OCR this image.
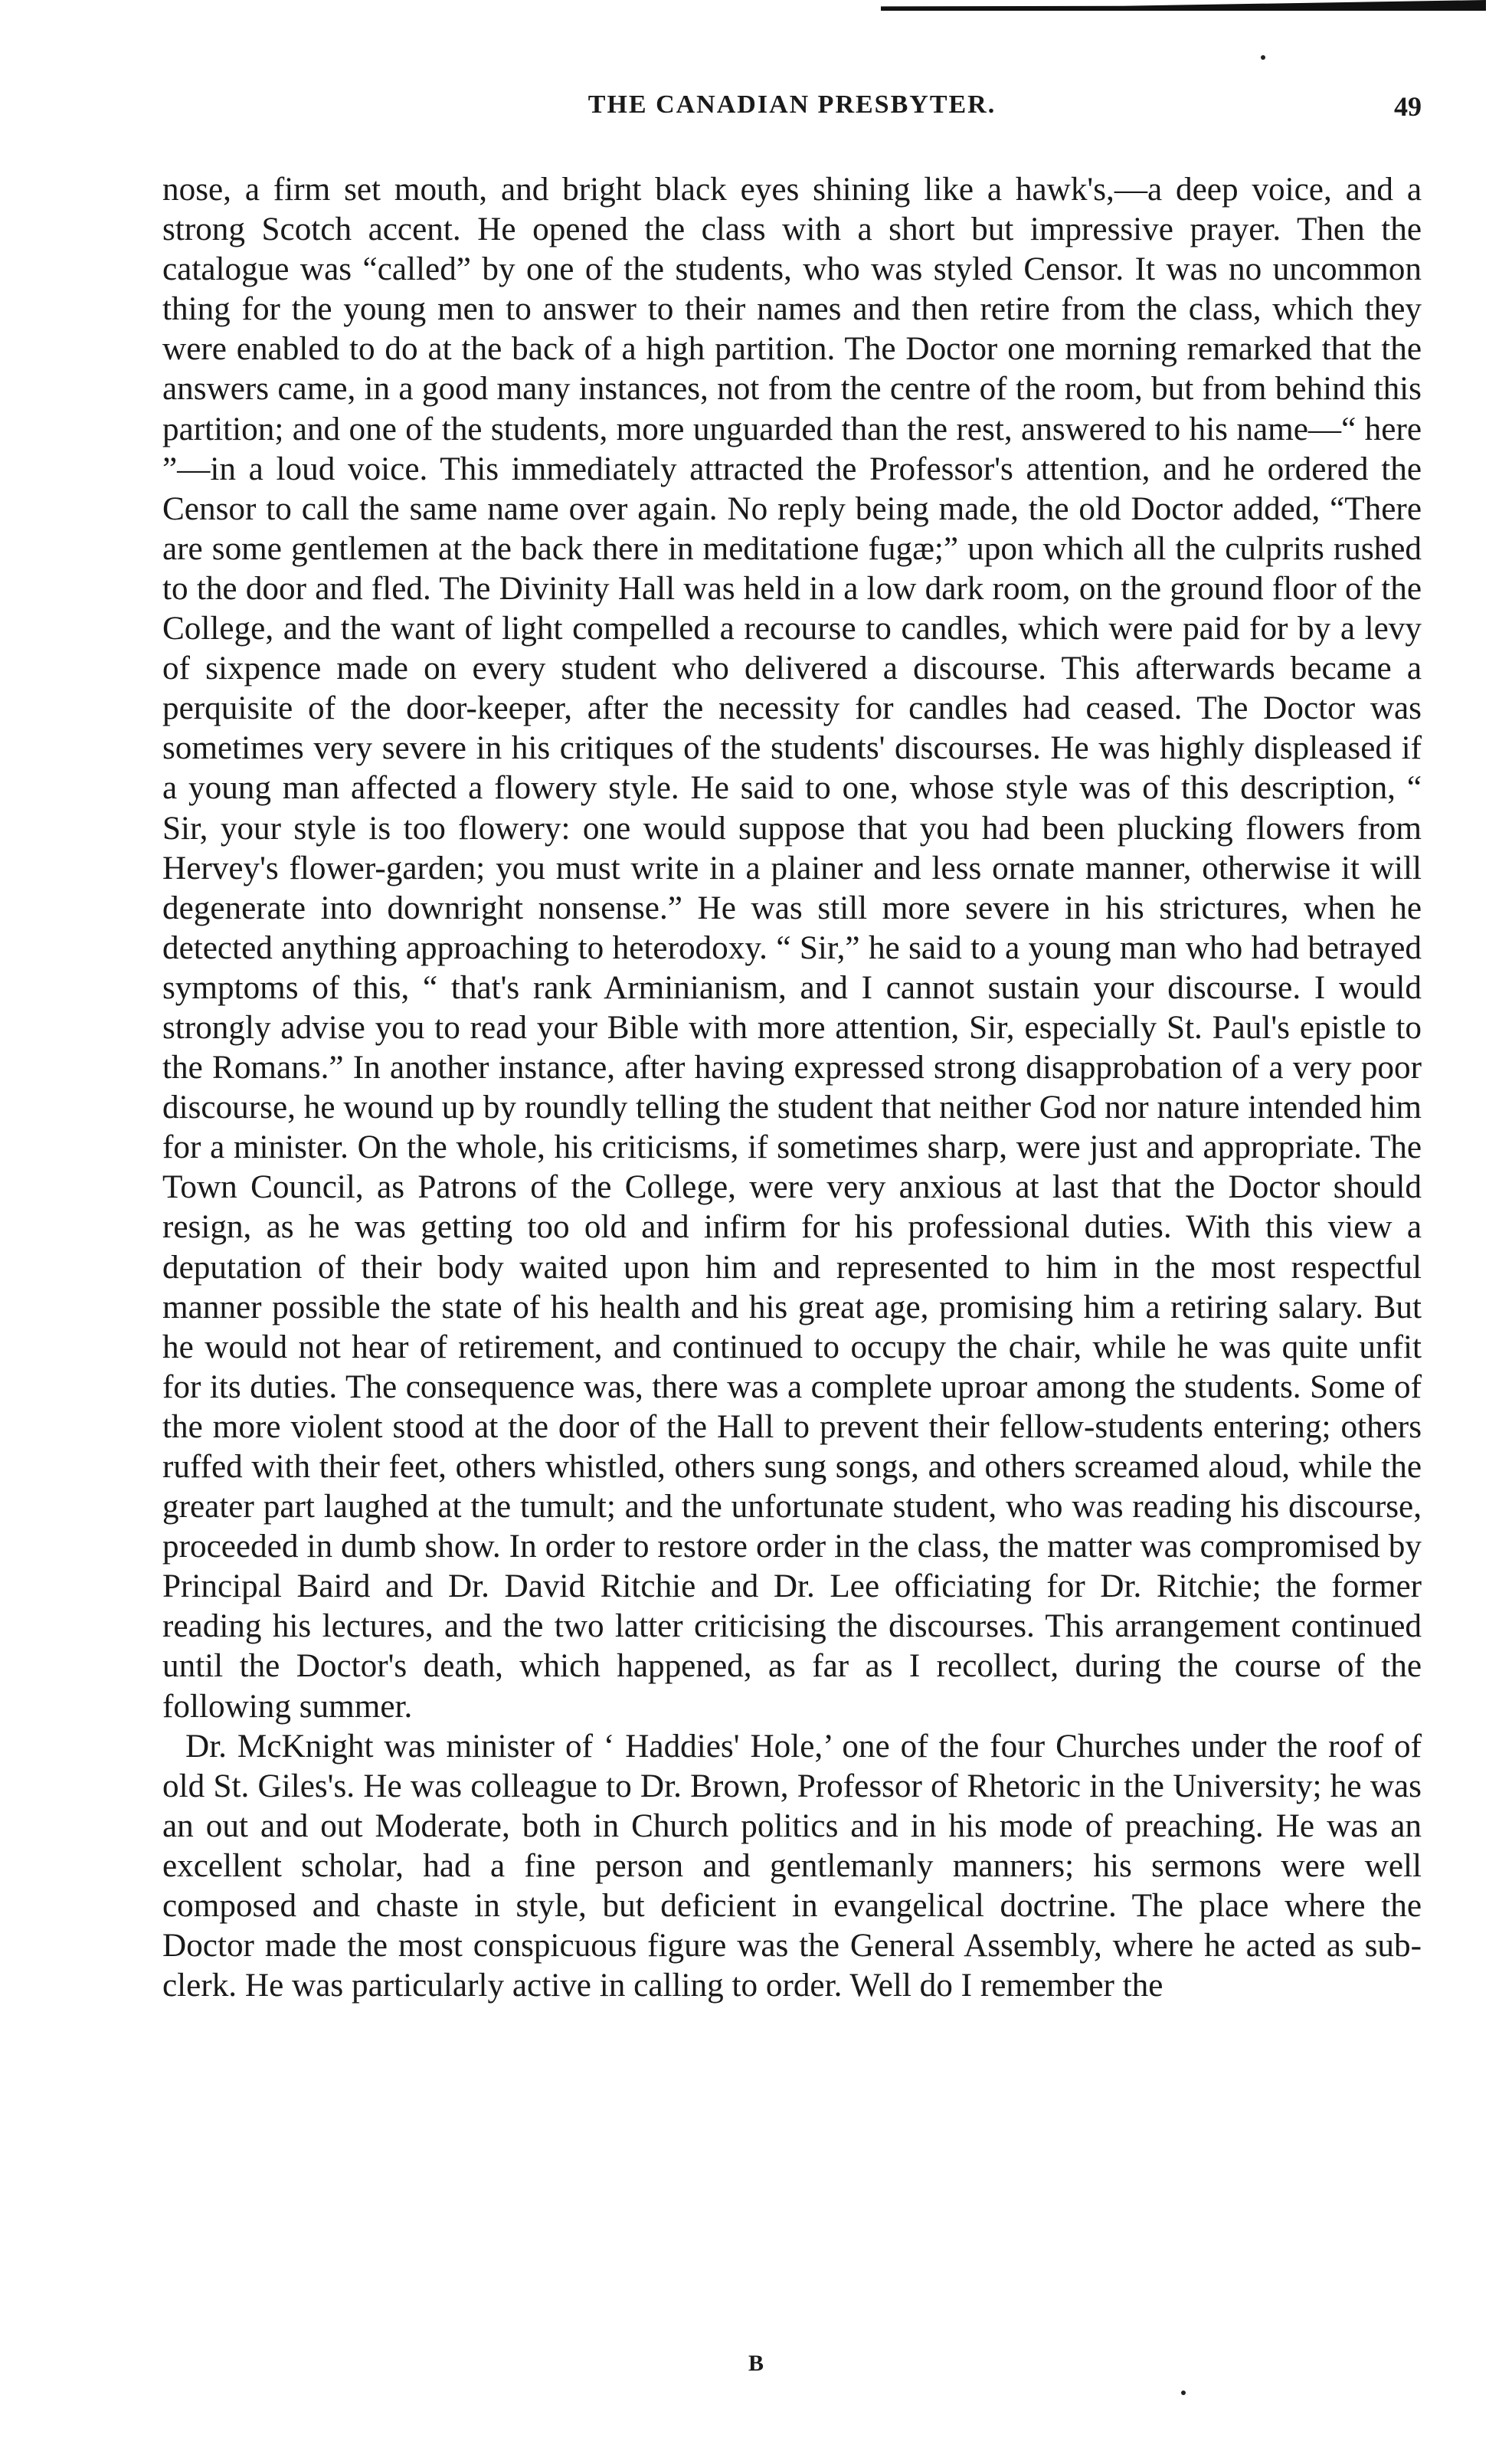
THE CANADIAN PRESBYTER.	49

nose, a firm set mouth, and bright black eyes shining like a hawk's,—a deep voice, and a strong Scotch accent. He opened the class with a short but impressive prayer. Then the catalogue was “called” by one of the students, who was styled Censor. It was no uncommon thing for the young men to answer to their names and then retire from the class, which they were enabled to do at the back of a high partition. The Doctor one morning remarked that the answers came, in a good many instances, not from the centre of the room, but from behind this partition; and one of the students, more unguarded than the rest, answered to his name—“ here ”—in a loud voice. This immediately attracted the Professor's attention, and he ordered the Censor to call the same name over again. No reply being made, the old Doctor added, “There are some gentlemen at the back there in meditatione fugæ;” upon which all the culprits rushed to the door and fled. The Divinity Hall was held in a low dark room, on the ground floor of the College, and the want of light compelled a recourse to candles, which were paid for by a levy of sixpence made on every student who delivered a discourse. This afterwards became a perquisite of the door-keeper, after the necessity for candles had ceased. The Doctor was sometimes very severe in his critiques of the students' discourses. He was highly displeased if a young man affected a flowery style. He said to one, whose style was of this description, “ Sir, your style is too flowery: one would suppose that you had been plucking flowers from Hervey's flower-garden; you must write in a plainer and less ornate manner, otherwise it will degenerate into downright nonsense.” He was still more severe in his strictures, when he detected anything approaching to heterodoxy. “ Sir,” he said to a young man who had betrayed symptoms of this, “ that's rank Arminianism, and I cannot sustain your discourse. I would strongly advise you to read your Bible with more attention, Sir, especially St. Paul's epistle to the Romans.” In another instance, after having expressed strong disapprobation of a very poor discourse, he wound up by roundly telling the student that neither God nor nature intended him for a minister. On the whole, his criticisms, if sometimes sharp, were just and appropriate. The Town Council, as Patrons of the College, were very anxious at last that the Doctor should resign, as he was getting too old and infirm for his professional duties. With this view a deputation of their body waited upon him and represented to him in the most respectful manner possible the state of his health and his great age, promising him a retiring salary. But he would not hear of retirement, and continued to occupy the chair, while he was quite unfit for its duties. The consequence was, there was a complete uproar among the students. Some of the more violent stood at the door of the Hall to prevent their fellow-students entering; others ruffed with their feet, others whistled, others sung songs, and others screamed aloud, while the greater part laughed at the tumult; and the unfortunate student, who was reading his discourse, proceeded in dumb show. In order to restore order in the class, the matter was compromised by Principal Baird and Dr. David Ritchie and Dr. Lee officiating for Dr. Ritchie; the former reading his lectures, and the two latter criticising the discourses. This arrangement continued until the Doctor's death, which happened, as far as I recollect, during the course of the following summer.

Dr. McKnight was minister of ‘ Haddies' Hole,’ one of the four Churches under the roof of old St. Giles's. He was colleague to Dr. Brown, Professor of Rhetoric in the University; he was an out and out Moderate, both in Church politics and in his mode of preaching. He was an excellent scholar, had a fine person and gentlemanly manners; his sermons were well composed and chaste in style, but deficient in evangelical doctrine. The place where the Doctor made the most conspicuous figure was the General Assembly, where he acted as sub-clerk. He was particularly active in calling to order. Well do I remember the

B
